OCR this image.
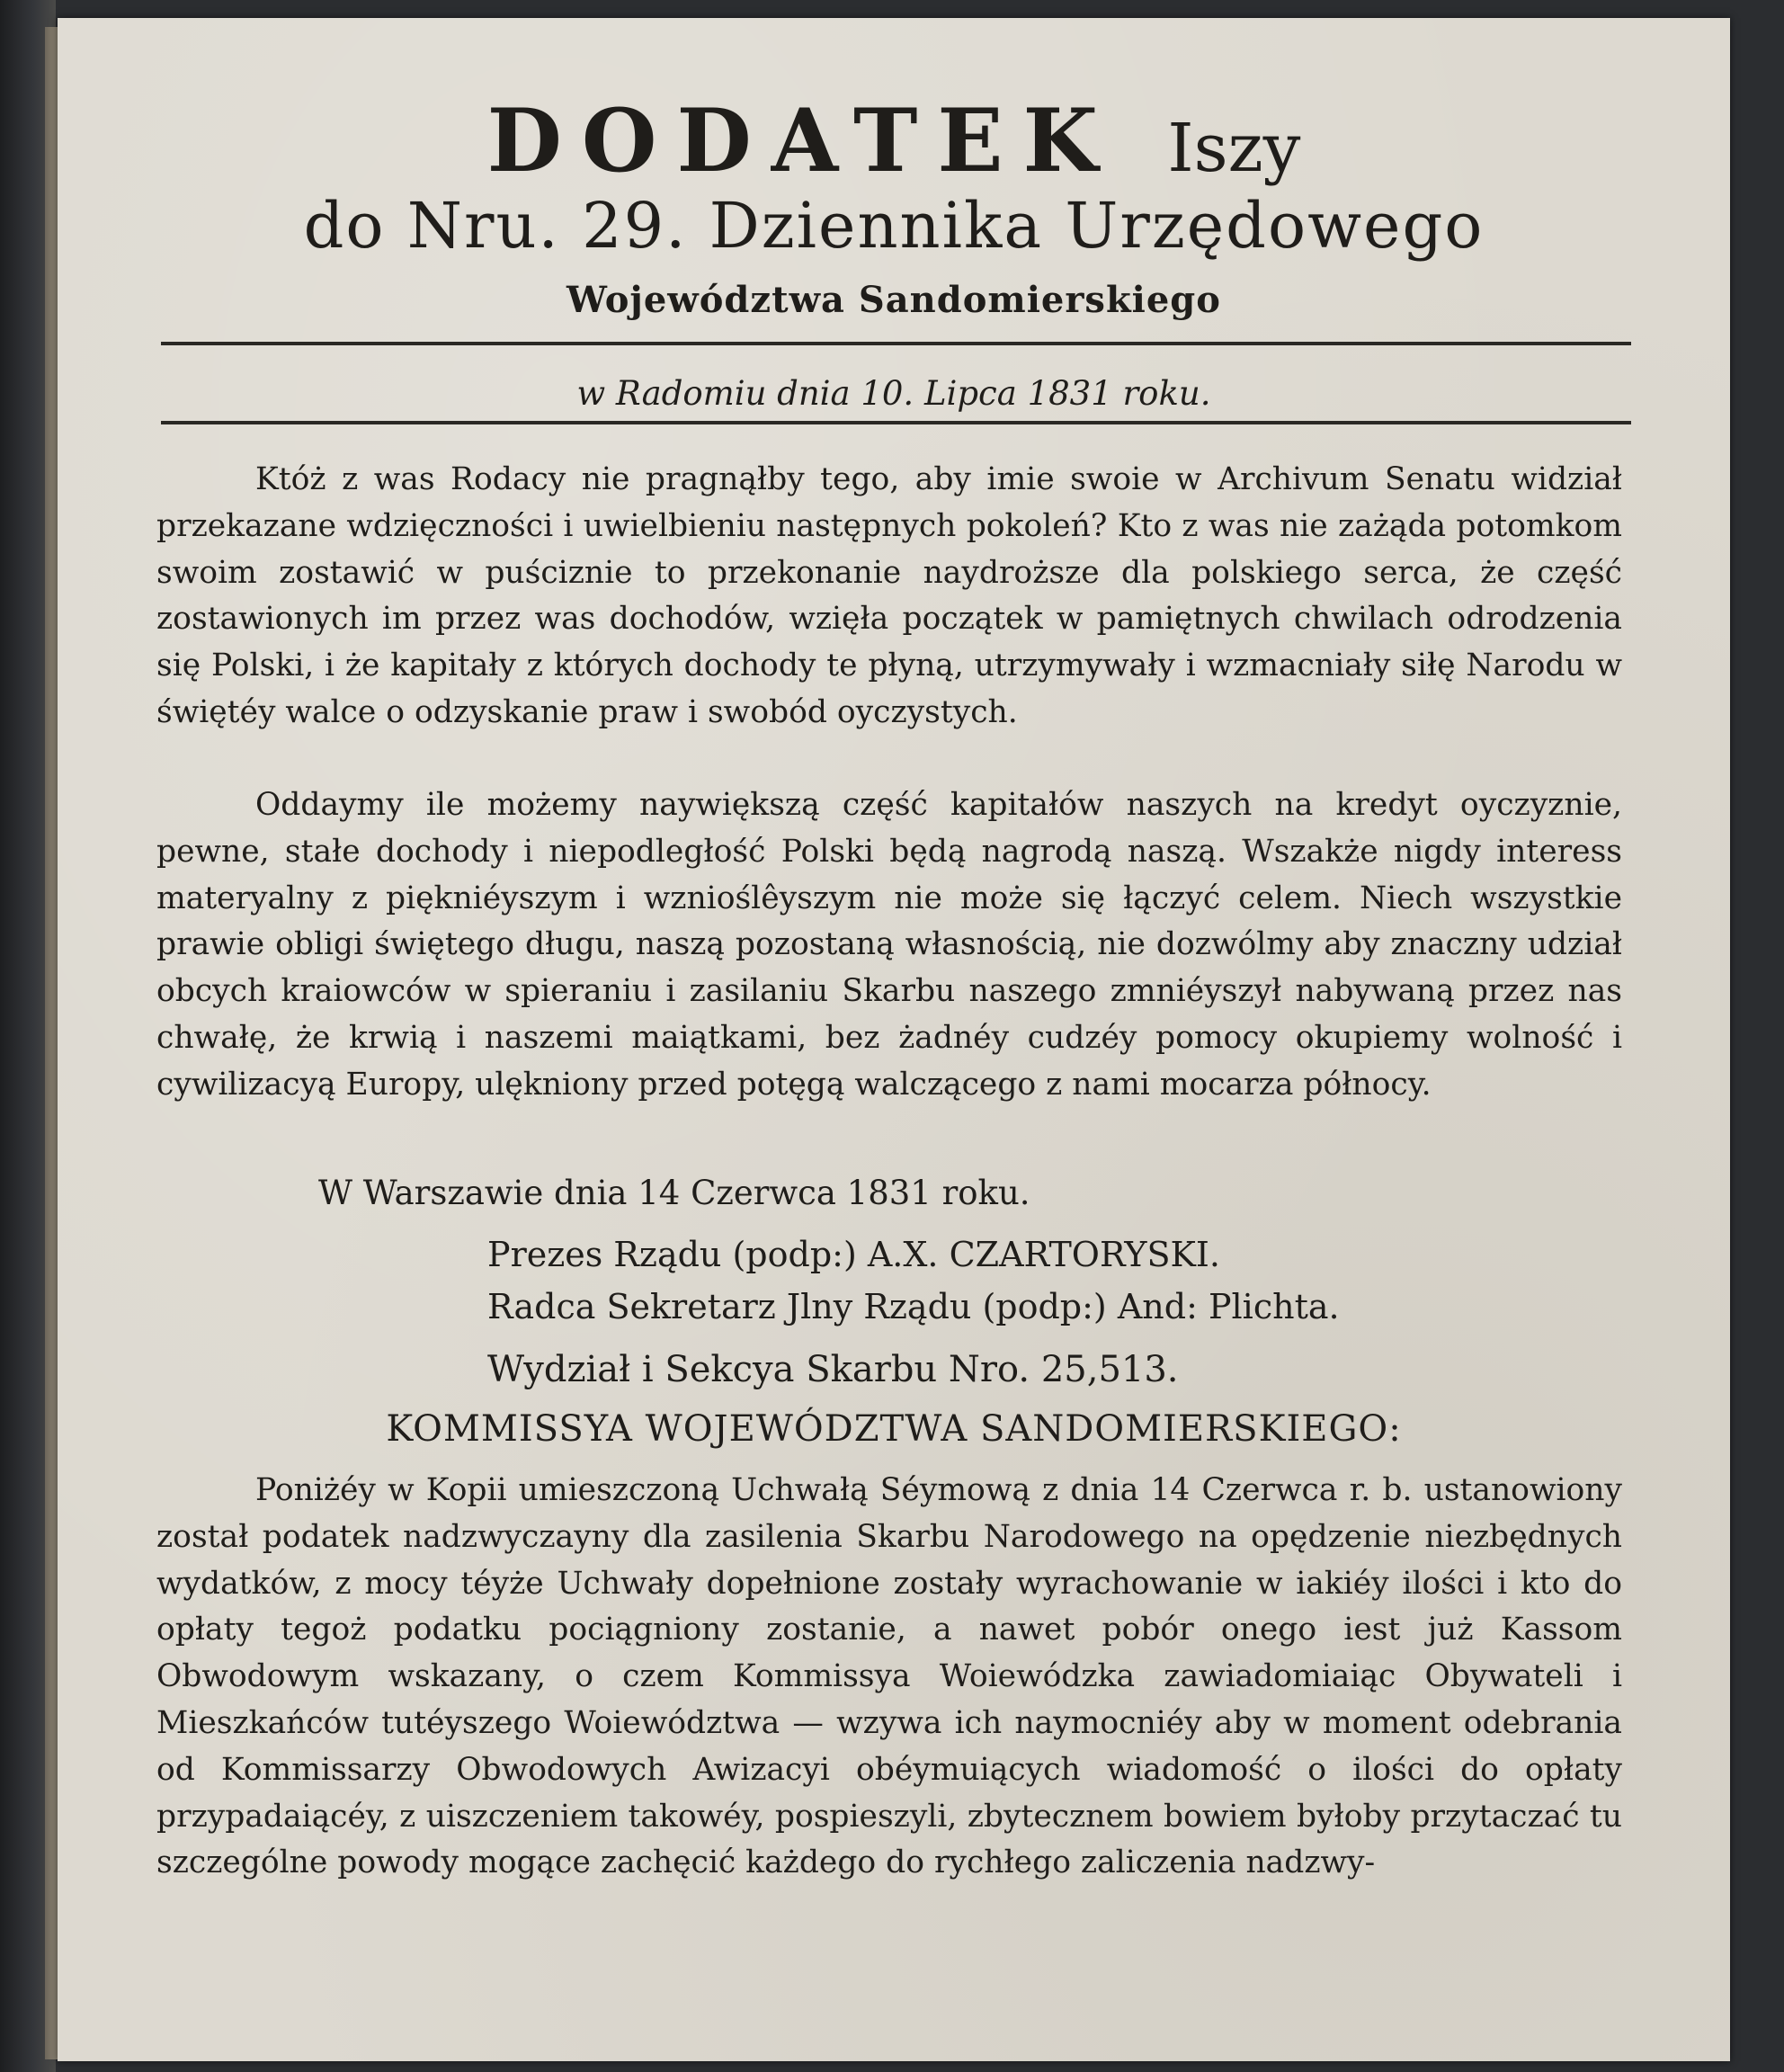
DODATEK Iszy
do Nru. 29. Dziennika Urzędowego
Województwa Sandomierskiego
w Radomiu dnia 10. Lipca 1831 roku.

Któż z was Rodacy nie pragnąłby tego, aby imie swoie w Archivum Senatu widział przekazane wdzięczności i uwielbieniu następnych pokoleń? Kto z was nie zażąda potomkom swoim zostawić w puściznie to przekonanie naydroższe dla polskiego serca, że część zostawionych im przez was dochodów, wzięła początek w pamiętnych chwilach odrodzenia się Polski, i że kapitały z których dochody te płyną, utrzymywały i wzmacniały siłę Narodu w świętéy walce o odzyskanie praw i swobód oyczystych.

Oddaymy ile możemy naywiększą część kapitałów naszych na kredyt oyczyznie, pewne, stałe dochody i niepodległość Polski będą nagrodą naszą. Wszakże nigdy interess materyalny z piękniéyszym i wznioślêyszym nie może się łączyć celem. Niech wszystkie prawie obligi świętego długu, naszą pozostaną własnością, nie dozwólmy aby znaczny udział obcych kraiowców w spieraniu i zasilaniu Skarbu naszego zmniéyszył nabywaną przez nas chwałę, że krwią i naszemi maiątkami, bez żadnéy cudzéy pomocy okupiemy wolność i cywilizacyą Europy, ulękniony przed potęgą walczącego z nami mocarza północy.

W Warszawie dnia 14 Czerwca 1831 roku.
Prezes Rządu (podp:) A.X. CZARTORYSKI.
Radca Sekretarz Jlny Rządu (podp:) And: Plichta.
Wydział i Sekcya Skarbu Nro. 25,513.
KOMMISSYA WOJEWÓDZTWA SANDOMIERSKIEGO:

Poniżéy w Kopii umieszczoną Uchwałą Séymową z dnia 14 Czerwca r. b. ustanowiony został podatek nadzwyczayny dla zasilenia Skarbu Narodowego na opędzenie niezbędnych wydatków, z mocy téyże Uchwały dopełnione zostały wyrachowanie w iakiéy ilości i kto do opłaty tegoż podatku pociągniony zostanie, a nawet pobór onego iest już Kassom Obwodowym wskazany, o czem Kommissya Woiewódzka zawiadomiaiąc Obywateli i Mieszkańców tutéyszego Woiewództwa — wzywa ich naymocniéy aby w moment odebrania od Kommissarzy Obwodowych Awizacyi obéymuiących wiadomość o ilości do opłaty przypadaiącéy, z uiszczeniem takowéy, pospieszyli, zbytecznem bowiem byłoby przytaczać tu szczególne powody mogące zachęcić każdego do rychłego zaliczenia nadzwy-
